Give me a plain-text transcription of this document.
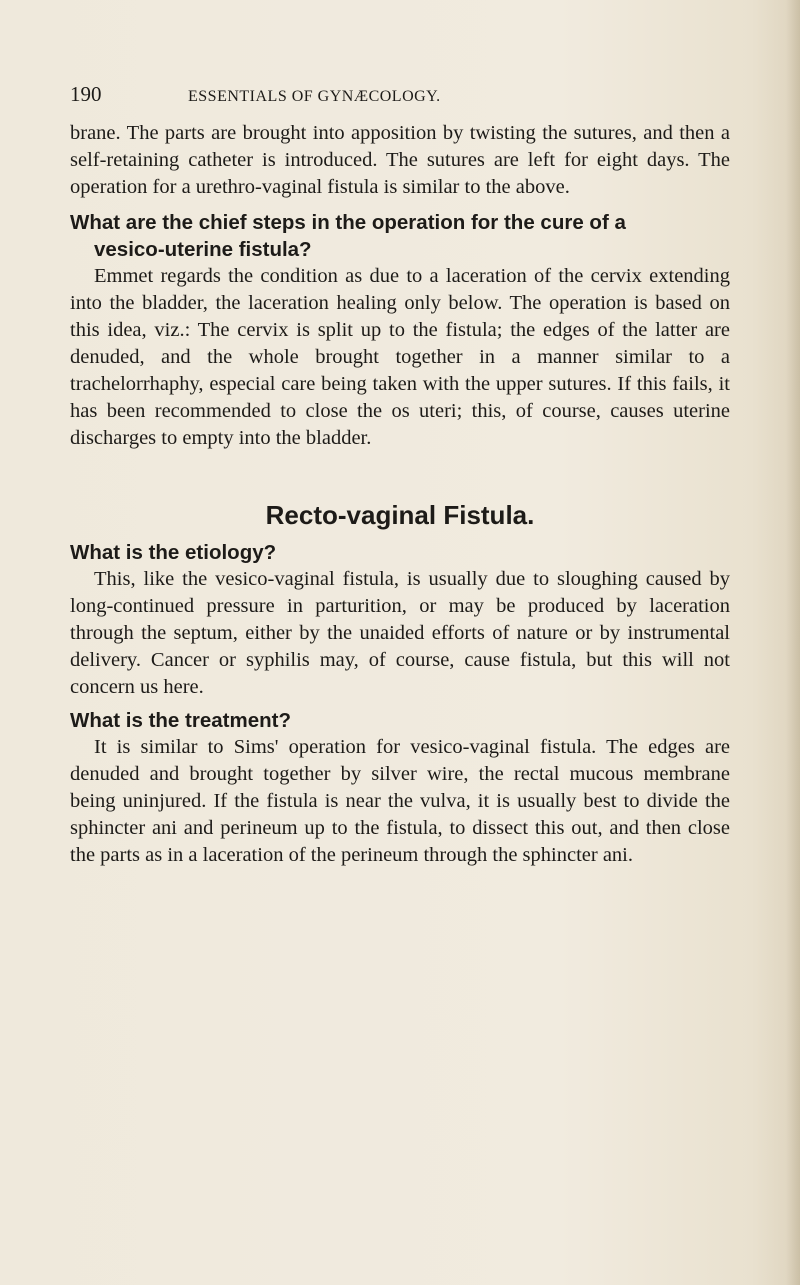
190	ESSENTIALS OF GYNÆCOLOGY.

brane. The parts are brought into apposition by twisting the sutures, and then a self-retaining catheter is introduced. The sutures are left for eight days. The operation for a urethro-vaginal fistula is similar to the above.

What are the chief steps in the operation for the cure of a
vesico-uterine fistula?

Emmet regards the condition as due to a laceration of the cervix extending into the bladder, the laceration healing only below. The operation is based on this idea, viz.: The cervix is split up to the fistula; the edges of the latter are denuded, and the whole brought together in a manner similar to a trachelorrhaphy, especial care being taken with the upper sutures. If this fails, it has been recommended to close the os uteri; this, of course, causes uterine discharges to empty into the bladder.

Recto-vaginal Fistula.
What is the etiology?

This, like the vesico-vaginal fistula, is usually due to sloughing caused by long-continued pressure in parturition, or may be produced by laceration through the septum, either by the unaided efforts of nature or by instrumental delivery. Cancer or syphilis may, of course, cause fistula, but this will not concern us here.

What is the treatment?

It is similar to Sims' operation for vesico-vaginal fistula. The edges are denuded and brought together by silver wire, the rectal mucous membrane being uninjured. If the fistula is near the vulva, it is usually best to divide the sphincter ani and perineum up to the fistula, to dissect this out, and then close the parts as in a laceration of the perineum through the sphincter ani.
